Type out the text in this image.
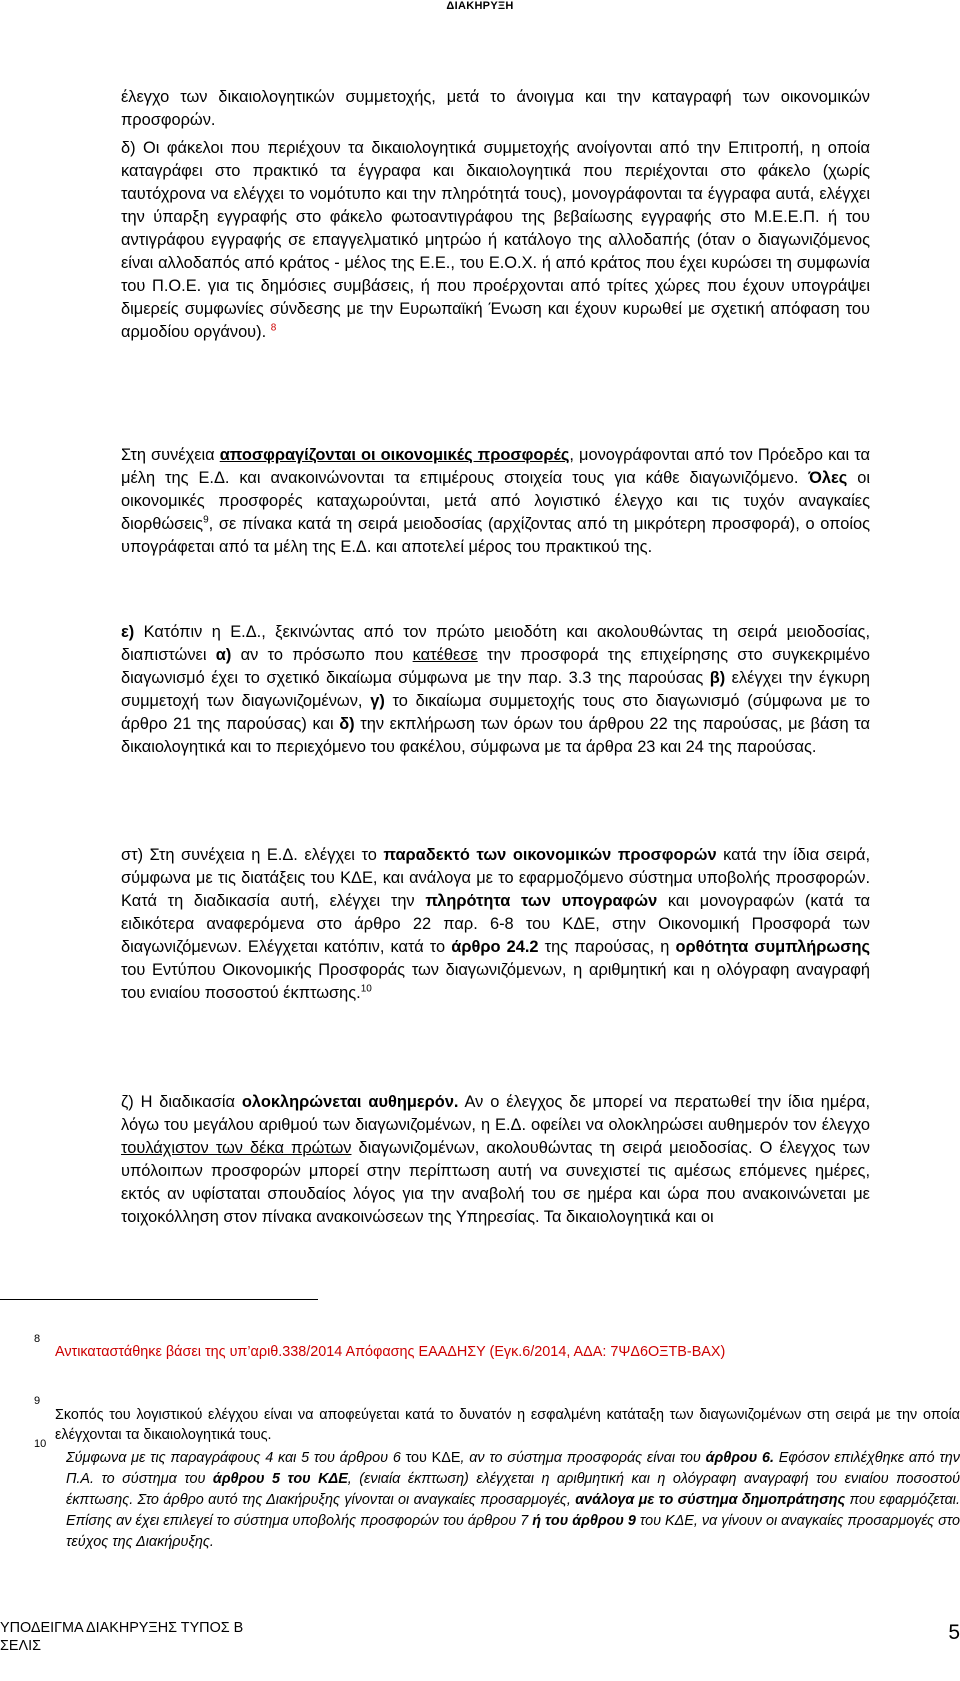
ΔΙΑΚΗΡΥΞΗ

έλεγχο των δικαιολογητικών συμμετοχής, μετά το άνοιγμα και την καταγραφή των οικονομικών προσφορών.

δ) Οι φάκελοι που περιέχουν τα δικαιολογητικά συμμετοχής ανοίγονται από την Επιτροπή, η οποία καταγράφει στο πρακτικό τα έγγραφα και δικαιολογητικά που περιέχονται στο φάκελο (χωρίς ταυτόχρονα να ελέγχει το νομότυπο και την πληρότητά τους), μονογράφονται τα έγγραφα αυτά, ελέγχει την ύπαρξη εγγραφής στο φάκελο φωτοαντιγράφου της βεβαίωσης εγγραφής στο Μ.Ε.Ε.Π. ή του αντιγράφου εγγραφής σε επαγγελματικό μητρώο ή κατάλογο της αλλοδαπής (όταν ο διαγωνιζόμενος είναι αλλοδαπός από κράτος - μέλος της Ε.Ε., του Ε.Ο.Χ. ή από κράτος που έχει κυρώσει τη συμφωνία του Π.Ο.Ε. για τις δημόσιες συμβάσεις, ή που προέρχονται από τρίτες χώρες που έχουν υπογράψει διμερείς συμφωνίες σύνδεσης με την Ευρωπαϊκή Ένωση και έχουν κυρωθεί με σχετική απόφαση του αρμοδίου οργάνου). $^8$

Στη συνέχεια αποσφραγίζονται οι οικονομικές προσφορές, μονογράφονται από τον Πρόεδρο και τα μέλη της Ε.Δ. και ανακοινώνονται τα επιμέρους στοιχεία τους για κάθε διαγωνιζόμενο. Όλες οι οικονομικές προσφορές καταχωρούνται, μετά από λογιστικό έλεγχο και τις τυχόν αναγκαίες διορθώσεις$^9$, σε πίνακα κατά τη σειρά μειοδοσίας (αρχίζοντας από τη μικρότερη προσφορά), ο οποίος υπογράφεται από τα μέλη της Ε.Δ. και αποτελεί μέρος του πρακτικού της.

ε) Κατόπιν η Ε.Δ., ξεκινώντας από τον πρώτο μειοδότη και ακολουθώντας τη σειρά μειοδοσίας, διαπιστώνει α) αν το πρόσωπο που κατέθεσε την προσφορά της επιχείρησης στο συγκεκριμένο διαγωνισμό έχει το σχετικό δικαίωμα σύμφωνα με την παρ. 3.3 της παρούσας β) ελέγχει την έγκυρη συμμετοχή των διαγωνιζομένων, γ) το δικαίωμα συμμετοχής τους στο διαγωνισμό (σύμφωνα με το άρθρο 21 της παρούσας) και δ) την εκπλήρωση των όρων του άρθρου 22 της παρούσας, με βάση τα δικαιολογητικά και το περιεχόμενο του φακέλου, σύμφωνα με τα άρθρα 23 και 24 της παρούσας.

στ) Στη συνέχεια η Ε.Δ. ελέγχει το παραδεκτό των οικονομικών προσφορών κατά την ίδια σειρά, σύμφωνα με τις διατάξεις του ΚΔΕ, και ανάλογα με το εφαρμοζόμενο σύστημα υποβολής προσφορών. Κατά τη διαδικασία αυτή, ελέγχει την πληρότητα των υπογραφών και μονογραφών (κατά τα ειδικότερα αναφερόμενα στο άρθρο 22 παρ. 6-8 του ΚΔΕ, στην Οικονομική Προσφορά των διαγωνιζόμενων. Ελέγχεται κατόπιν, κατά το άρθρο 24.2 της παρούσας, η ορθότητα συμπλήρωσης του Εντύπου Οικονομικής Προσφοράς των διαγωνιζόμενων, η αριθμητική και η ολόγραφη αναγραφή του ενιαίου ποσοστού έκπτωσης.$^{10}$

ζ) Η διαδικασία ολοκληρώνεται αυθημερόν. Αν ο έλεγχος δε μπορεί να περατωθεί την ίδια ημέρα, λόγω του μεγάλου αριθμού των διαγωνιζομένων, η Ε.Δ. οφείλει να ολοκληρώσει αυθημερόν τον έλεγχο τουλάχιστον των δέκα πρώτων διαγωνιζομένων, ακολουθώντας τη σειρά μειοδοσίας. Ο έλεγχος των υπόλοιπων προσφορών μπορεί στην περίπτωση αυτή να συνεχιστεί τις αμέσως επόμενες ημέρες, εκτός αν υφίσταται σπουδαίος λόγος για την αναβολή του σε ημέρα και ώρα που ανακοινώνεται με τοιχοκόλληση στον πίνακα ανακοινώσεων της Υπηρεσίας. Τα δικαιολογητικά και οι

8
Αντικαταστάθηκε βάσει της υπ’αριθ.338/2014 Απόφασης ΕΑΑΔΗΣΥ (Εγκ.6/2014, ΑΔΑ: 7ΨΔ6ΟΞΤΒ-ΒΑΧ)
9
Σκοπός του λογιστικού ελέγχου είναι να αποφεύγεται κατά το δυνατόν η εσφαλμένη κατάταξη των διαγωνιζομένων στη σειρά με την οποία ελέγχονται τα δικαιολογητικά τους.
10
Σύμφωνα με τις παραγράφους 4 και 5 του άρθρου 6 του ΚΔΕ, αν το σύστημα προσφοράς είναι του άρθρου 6. Εφόσον επιλέχθηκε από την Π.Α. το σύστημα του άρθρου 5 του ΚΔΕ, (ενιαία έκπτωση) ελέγχεται η αριθμητική και η ολόγραφη αναγραφή του ενιαίου ποσοστού έκπτωσης. Στο άρθρο αυτό της Διακήρυξης γίνονται οι αναγκαίες προσαρμογές, ανάλογα με το σύστημα δημοπράτησης που εφαρμόζεται. Επίσης αν έχει επιλεγεί το σύστημα υποβολής προσφορών του άρθρου 7 ή του άρθρου 9 του ΚΔΕ, να γίνουν οι αναγκαίες προσαρμογές στο τεύχος της Διακήρυξης.
ΥΠΟΔΕΙΓΜΑ ΔΙΑΚΗΡΥΞΗΣ ΤΥΠΟΣ Β
ΣΕΛΙΣ
5
